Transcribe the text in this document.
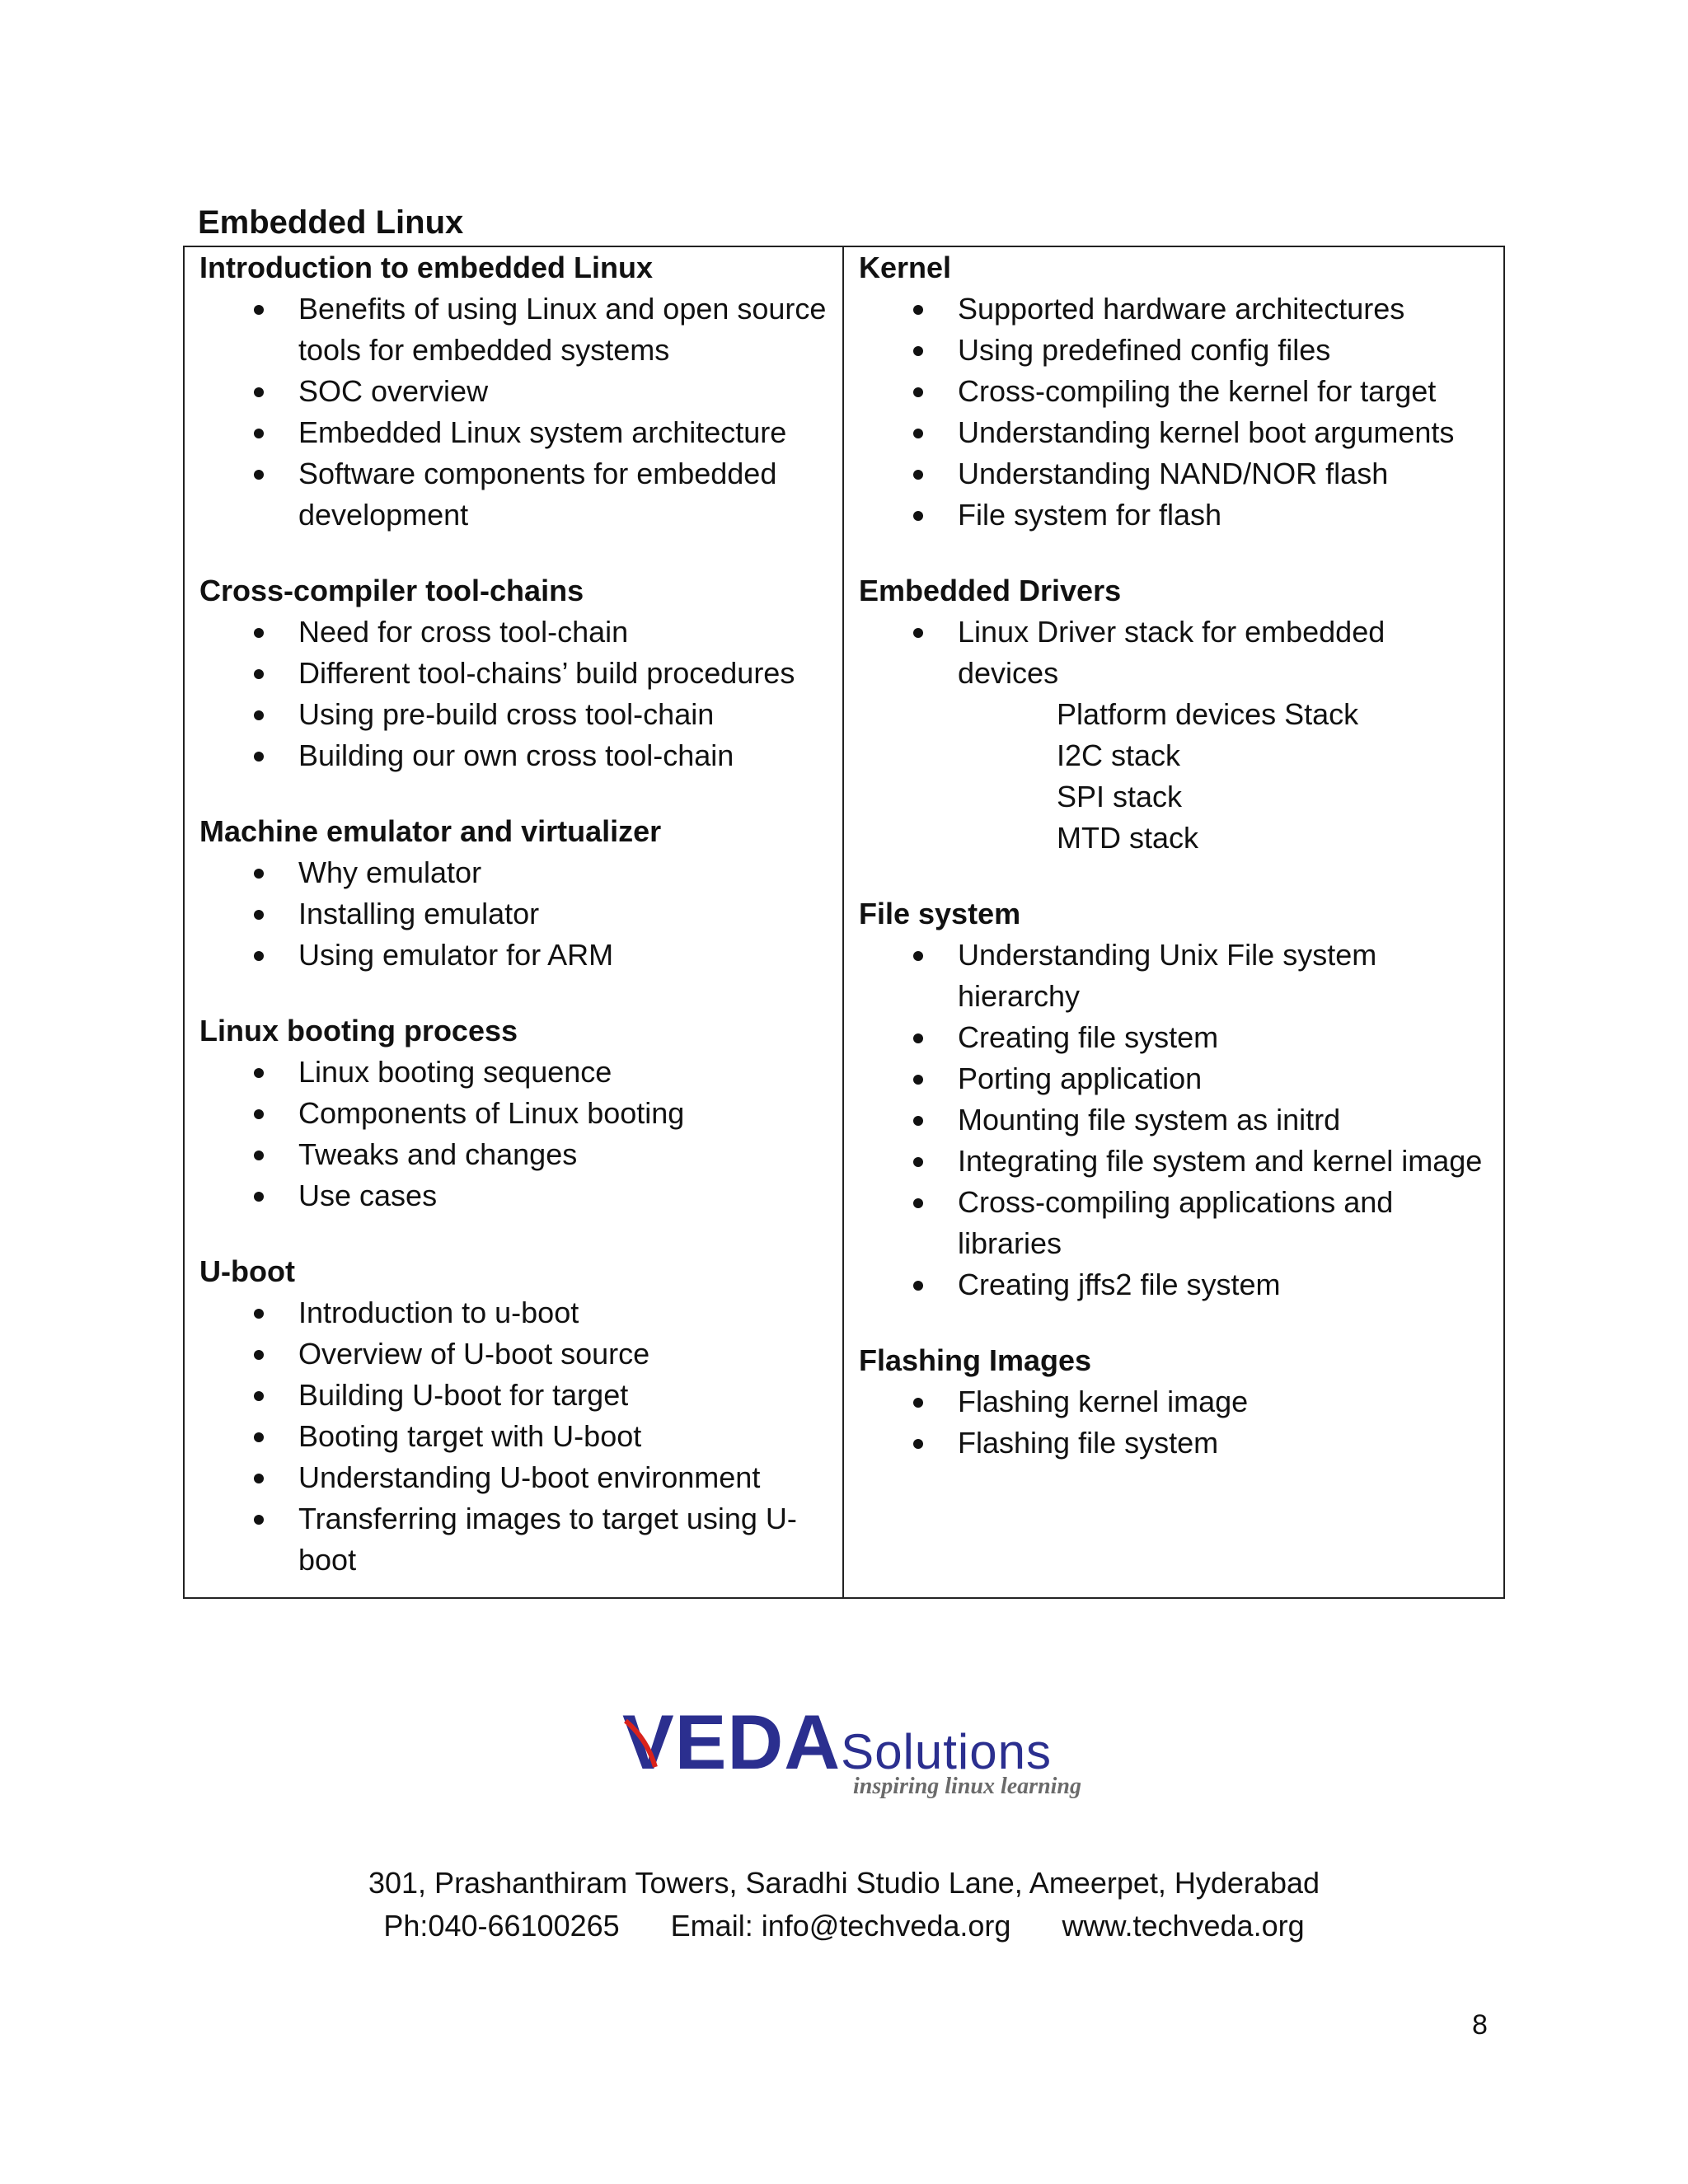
Embedded Linux

Introduction to embedded Linux

Benefits of using Linux and open source tools for embedded systems
SOC overview
Embedded Linux system architecture
Software components for embedded development

Cross-compiler tool-chains

Need for cross tool-chain
Different tool-chains’ build procedures
Using pre-build cross tool-chain
Building our own cross tool-chain

Machine emulator and virtualizer

Why emulator
Installing emulator
Using emulator for ARM

Linux booting process

Linux booting sequence
Components of Linux booting
Tweaks and changes
Use cases

U-boot

Introduction to u-boot
Overview of U-boot source
Building U-boot for target
Booting target with U-boot
Understanding U-boot environment
Transferring images to target using U-boot

Kernel

Supported hardware architectures
Using predefined config files
Cross-compiling the kernel for target
Understanding kernel boot arguments
Understanding NAND/NOR flash
File system for flash

Embedded Drivers

Linux Driver stack for embedded devices
Platform devices Stack
I2C stack
SPI stack
MTD stack

File system

Understanding Unix File system hierarchy
Creating file system
Porting application
Mounting file system as initrd
Integrating file system and kernel image
Cross-compiling applications and libraries
Creating jffs2 file system

Flashing Images

Flashing kernel image
Flashing file system
VEDASolutions
inspiring linux learning
301, Prashanthiram Towers, Saradhi Studio Lane, Ameerpet, Hyderabad
Ph:040-66100265 Email: info@techveda.org www.techveda.org
8
